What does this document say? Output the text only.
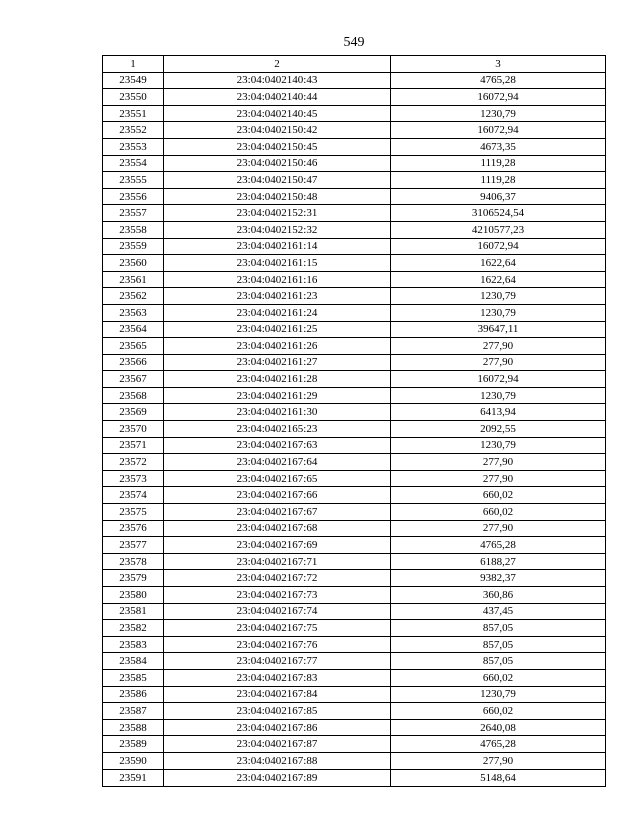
549
1	2	3
23549	23:04:0402140:43	4765,28
23550	23:04:0402140:44	16072,94
23551	23:04:0402140:45	1230,79
23552	23:04:0402150:42	16072,94
23553	23:04:0402150:45	4673,35
23554	23:04:0402150:46	1119,28
23555	23:04:0402150:47	1119,28
23556	23:04:0402150:48	9406,37
23557	23:04:0402152:31	3106524,54
23558	23:04:0402152:32	4210577,23
23559	23:04:0402161:14	16072,94
23560	23:04:0402161:15	1622,64
23561	23:04:0402161:16	1622,64
23562	23:04:0402161:23	1230,79
23563	23:04:0402161:24	1230,79
23564	23:04:0402161:25	39647,11
23565	23:04:0402161:26	277,90
23566	23:04:0402161:27	277,90
23567	23:04:0402161:28	16072,94
23568	23:04:0402161:29	1230,79
23569	23:04:0402161:30	6413,94
23570	23:04:0402165:23	2092,55
23571	23:04:0402167:63	1230,79
23572	23:04:0402167:64	277,90
23573	23:04:0402167:65	277,90
23574	23:04:0402167:66	660,02
23575	23:04:0402167:67	660,02
23576	23:04:0402167:68	277,90
23577	23:04:0402167:69	4765,28
23578	23:04:0402167:71	6188,27
23579	23:04:0402167:72	9382,37
23580	23:04:0402167:73	360,86
23581	23:04:0402167:74	437,45
23582	23:04:0402167:75	857,05
23583	23:04:0402167:76	857,05
23584	23:04:0402167:77	857,05
23585	23:04:0402167:83	660,02
23586	23:04:0402167:84	1230,79
23587	23:04:0402167:85	660,02
23588	23:04:0402167:86	2640,08
23589	23:04:0402167:87	4765,28
23590	23:04:0402167:88	277,90
23591	23:04:0402167:89	5148,64
